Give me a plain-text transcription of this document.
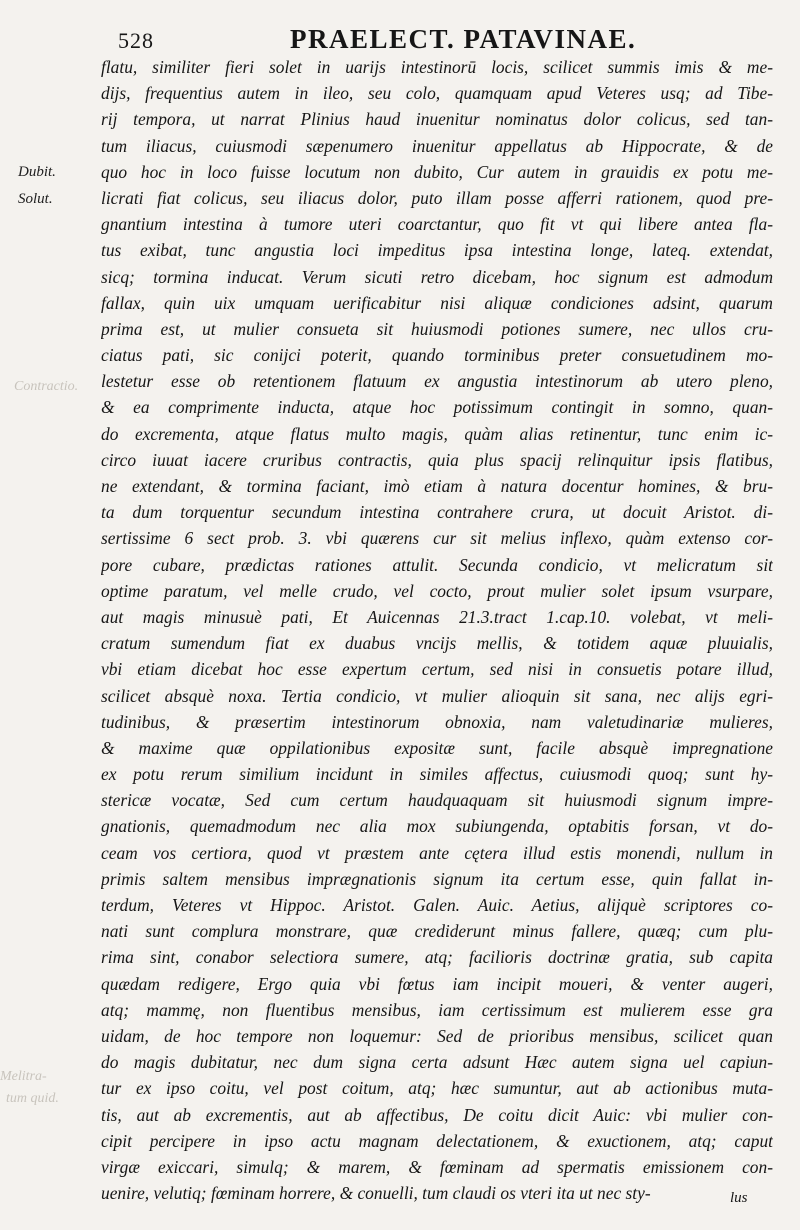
Contractio.
Melitra-
tum quid.
528	PRAELECT. PATAVINAE.
Dubit.
Solut.
flatu, similiter fieri solet in uarijs intestinorū locis, scilicet summis imis & me-
dijs, frequentius autem in ileo, seu colo, quamquam apud Veteres usq; ad Tibe-
rij tempora, ut narrat Plinius haud inuenitur nominatus dolor colicus, sed tan-
tum iliacus, cuiusmodi sæpenumero inuenitur appellatus ab Hippocrate, & de
quo hoc in loco fuisse locutum non dubito, Cur autem in grauidis ex potu me-
licrati fiat colicus, seu iliacus dolor, puto illam posse afferri rationem, quod pre-
gnantium intestina à tumore uteri coarctantur, quo fit vt qui libere antea fla-
tus exibat, tunc angustia loci impeditus ipsa intestina longe, lateq. extendat,
sicq; tormina inducat. Verum sicuti retro dicebam, hoc signum est admodum
fallax, quin uix umquam uerificabitur nisi aliquæ condiciones adsint, quarum
prima est, ut mulier consueta sit huiusmodi potiones sumere, nec ullos cru-
ciatus pati, sic conijci poterit, quando torminibus preter consuetudinem mo-
lestetur esse ob retentionem flatuum ex angustia intestinorum ab utero pleno,
& ea comprimente inducta, atque hoc potissimum contingit in somno, quan-
do excrementa, atque flatus multo magis, quàm alias retinentur, tunc enim ic-
circo iuuat iacere cruribus contractis, quia plus spacij relinquitur ipsis flatibus,
ne extendant, & tormina faciant, imò etiam à natura docentur homines, & bru-
ta dum torquentur secundum intestina contrahere crura, ut docuit Aristot. di-
sertissime 6 sect prob. 3. vbi quærens cur sit melius inflexo, quàm extenso cor-
pore cubare, prædictas rationes attulit. Secunda condicio, vt melicratum sit
optime paratum, vel melle crudo, vel cocto, prout mulier solet ipsum vsurpare,
aut magis minusuè pati, Et Auicennas 21.3.tract 1.cap.10. volebat, vt meli-
cratum sumendum fiat ex duabus vncijs mellis, & totidem aquæ pluuialis,
vbi etiam dicebat hoc esse expertum certum, sed nisi in consuetis potare illud,
scilicet absquè noxa. Tertia condicio, vt mulier alioquin sit sana, nec alijs egri-
tudinibus, & præsertim intestinorum obnoxia, nam valetudinariæ mulieres,
& maxime quæ oppilationibus expositæ sunt, facile absquè impregnatione
ex potu rerum similium incidunt in similes affectus, cuiusmodi quoq; sunt hy-
stericæ vocatæ, Sed cum certum haudquaquam sit huiusmodi signum impre-
gnationis, quemadmodum nec alia mox subiungenda, optabitis forsan, vt do-
ceam vos certiora, quod vt præstem ante cętera illud estis monendi, nullum in
primis saltem mensibus imprægnationis signum ita certum esse, quin fallat in-
terdum, Veteres vt Hippoc. Aristot. Galen. Auic. Aetius, alijquè scriptores co-
nati sunt complura monstrare, quæ crediderunt minus fallere, quæq; cum plu-
rima sint, conabor selectiora sumere, atq; facilioris doctrinæ gratia, sub capita
quædam redigere, Ergo quia vbi fœtus iam incipit moueri, & venter augeri,
atq; mammę, non fluentibus mensibus, iam certissimum est mulierem esse gra
uidam, de hoc tempore non loquemur: Sed de prioribus mensibus, scilicet quan
do magis dubitatur, nec dum signa certa adsunt Hæc autem signa uel capiun-
tur ex ipso coitu, vel post coitum, atq; hæc sumuntur, aut ab actionibus muta-
tis, aut ab excrementis, aut ab affectibus, De coitu dicit Auic: vbi mulier con-
cipit percipere in ipso actu magnam delectationem, & exuctionem, atq; caput
virgæ exiccari, simulq; & marem, & fœminam ad spermatis emissionem con-
uenire, velutiq; fœminam horrere, & conuelli, tum claudi os vteri ita ut nec sty-	lus
